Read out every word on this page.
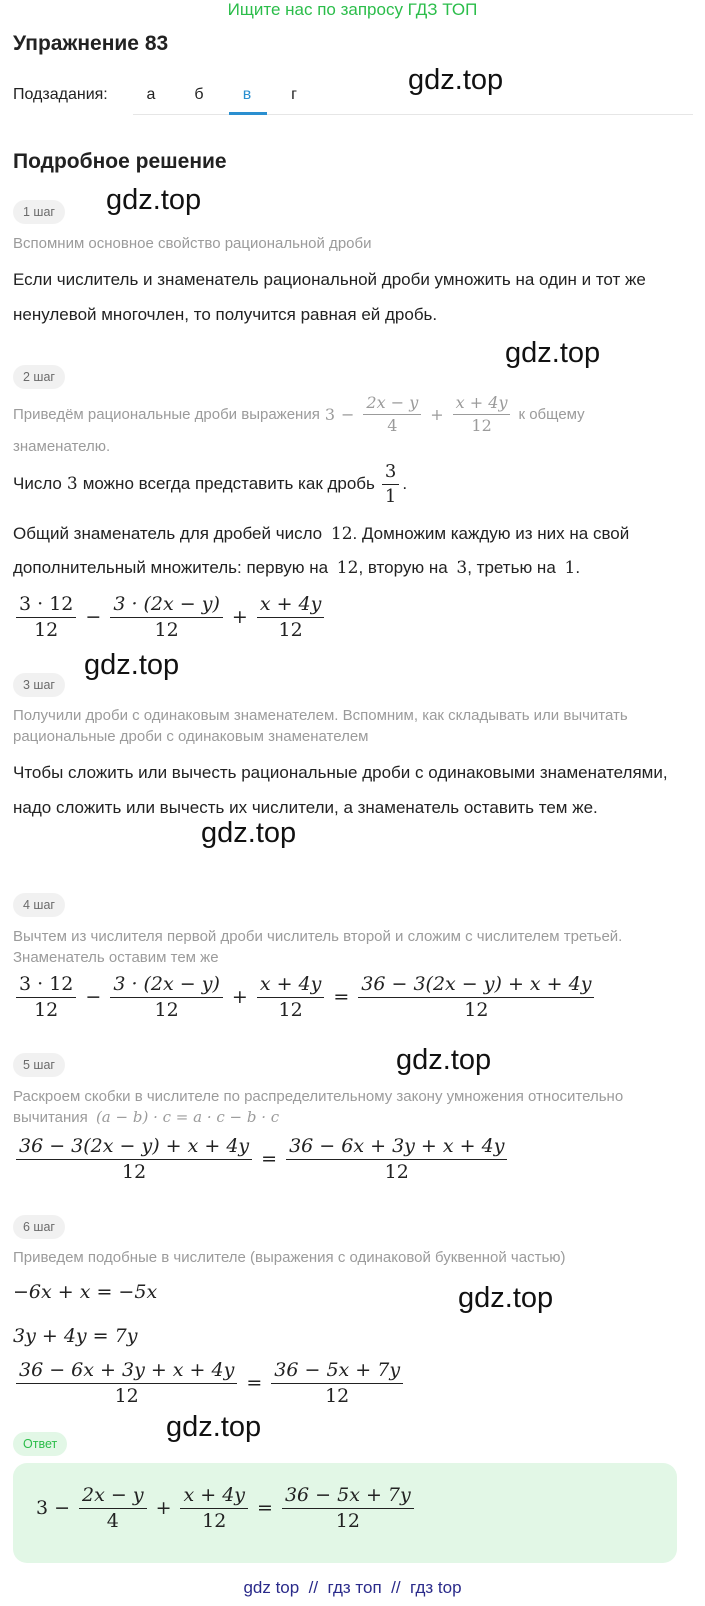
Ищите нас по запросу ГДЗ ТОП
Упражнение 83
Подзадания:	а	б	в	г
Подробное решение
gdz.top
gdz.top
gdz.top
gdz.top
gdz.top
gdz.top
gdz.top
gdz.top
1 шаг
Вспомним основное свойство рациональной дроби
Если числитель и знаменатель рациональной дроби умножить на один и тот же ненулевой многочлен, то получится равная ей дробь.
2 шаг
Приведём рациональные дроби выражения $3 - \frac{2x - y}{4} + \frac{x + 4y}{12}$ к общему
знаменателю.
Число 3 можно всегда представить как дробь $\frac{3}{1}$ .
Общий знаменатель для дробей число 12. Домножим каждую из них на свой
дополнительный множитель: первую на 12, вторую на 3, третью на 1.
$\frac{3 \cdot 12}{12} - \frac{3 \cdot (2x - y)}{12} + \frac{x + 4y}{12}$
3 шаг
Получили дроби с одинаковым знаменателем. Вспомним, как складывать или вычитать рациональные дроби с одинаковым знаменателем
Чтобы сложить или вычесть рациональные дроби с одинаковыми знаменателями, надо сложить или вычесть их числители, а знаменатель оставить тем же.
4 шаг
Вычтем из числителя первой дроби числитель второй и сложим с числителем третьей. Знаменатель оставим тем же
$\frac{3 \cdot 12}{12} - \frac{3 \cdot (2x - y)}{12} + \frac{x + 4y}{12} = \frac{36 - 3(2x - y) + x + 4y}{12}$
5 шаг
Раскроем скобки в числителе по распределительному закону умножения относительно вычитания (a − b) · c = a · c − b · c
$\frac{36 - 3(2x - y) + x + 4y}{12} = \frac{36 - 6x + 3y + x + 4y}{12}$
6 шаг
Приведем подобные в числителе (выражения с одинаковой буквенной частью)
−6x + x = −5x
3y + 4y = 7y
$\frac{36 - 6x + 3y + x + 4y}{12} = \frac{36 - 5x + 7y}{12}$
Ответ
$3 - \frac{2x - y}{4} + \frac{x + 4y}{12} = \frac{36 - 5x + 7y}{12}$
gdz top  //  гдз топ  //  гдз top
